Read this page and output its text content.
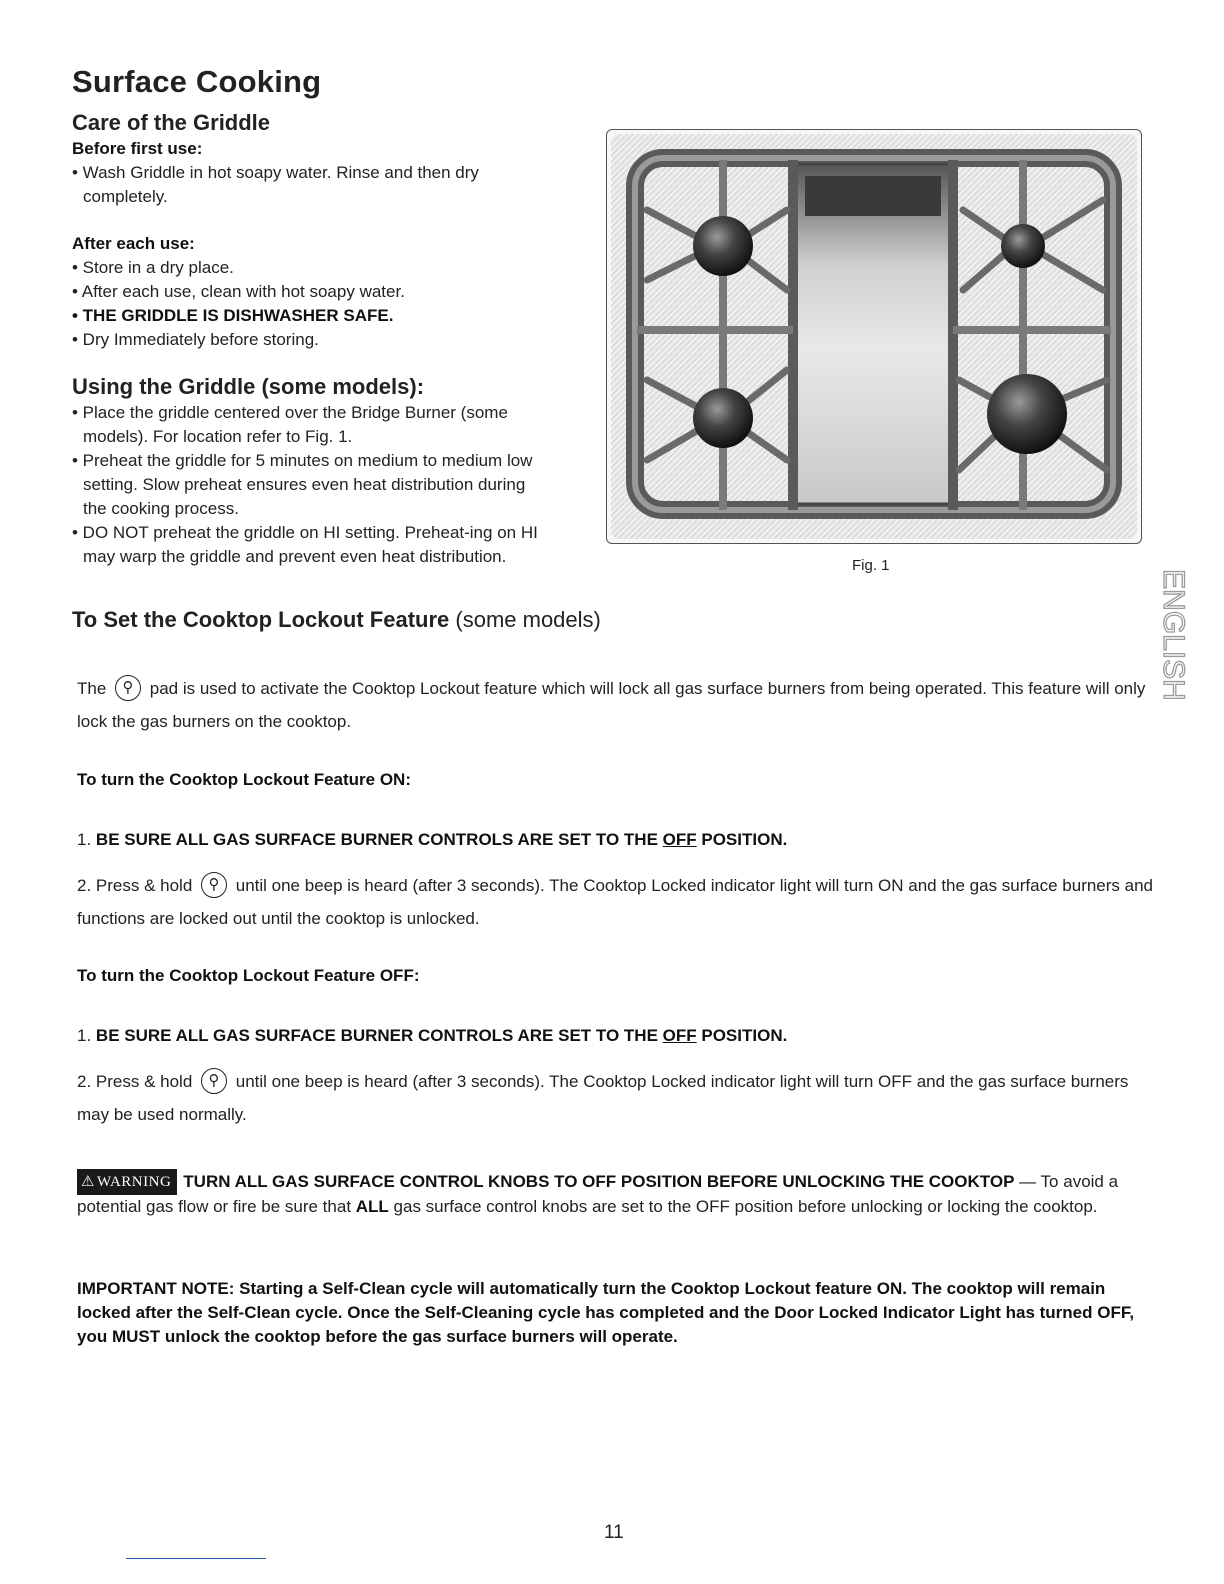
Surface Cooking
Care of the Griddle
Before first use:
• Wash Griddle in hot soapy water. Rinse and then dry completely.
After each use:
• Store in a dry place.
• After each use, clean with hot soapy water.
• THE GRIDDLE IS DISHWASHER SAFE.
• Dry Immediately before storing.
Using the Griddle (some models):
• Place the griddle centered over the Bridge Burner (some models). For location refer to Fig. 1.
• Preheat the griddle for 5 minutes on medium to medium low setting. Slow preheat ensures even heat distribution during the cooking process.
• DO NOT preheat the griddle on HI setting. Preheat-ing on HI may warp the griddle and prevent even heat distribution.	Fig. 1
ENGLISH
To Set the Cooktop Lockout Feature (some models)
The ⚲ pad is used to activate the Cooktop Lockout feature which will lock all gas surface burners from being operated. This feature will only lock the gas burners on the cooktop.
To turn the Cooktop Lockout Feature ON:
1. BE SURE ALL GAS SURFACE BURNER CONTROLS ARE SET TO THE OFF POSITION.
2. Press & hold ⚲ until one beep is heard (after 3 seconds). The Cooktop Locked indicator light will turn ON and the gas surface burners and functions are locked out until the cooktop is unlocked.
To turn the Cooktop Lockout Feature OFF:
1. BE SURE ALL GAS SURFACE BURNER CONTROLS ARE SET TO THE OFF POSITION.
2. Press & hold ⚲ until one beep is heard (after 3 seconds). The Cooktop Locked indicator light will turn OFF and the gas surface burners may be used normally.
⚠ WARNING TURN ALL GAS SURFACE CONTROL KNOBS TO OFF POSITION BEFORE UNLOCKING THE COOKTOP — To avoid a potential gas flow or fire be sure that ALL gas surface control knobs are set to the OFF position before unlocking or locking the cooktop.
IMPORTANT NOTE: Starting a Self-Clean cycle will automatically turn the Cooktop Lockout feature ON. The cooktop will remain locked after the Self-Clean cycle. Once the Self-Cleaning cycle has completed and the Door Locked Indicator Light has turned OFF, you MUST unlock the cooktop before the gas surface burners will operate.
11
